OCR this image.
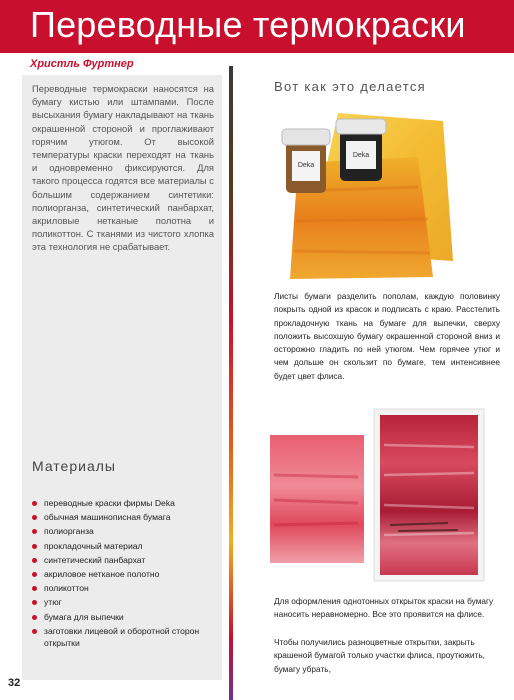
Переводные термокраски
Христль Фуртнер

Переводные термокраски наносятся на бумагу кистью или штампами. После высыхания бумагу накладывают на ткань окрашенной стороной и проглаживают горячим утюгом. От высокой температуры краски переходят на ткань и одновременно фиксируются. Для такого процесса годятся все материалы с большим содержанием синтетики: полиорганза, синтетический панбархат, акриловые нетканые полотна и поликоттон. С тканями из чистого хлопка эта технология не срабатывает.

Материалы
переводные краски фирмы Deka
обычная машинописная бумага
полиорганза
прокладочный материал
синтетический панбархат
акриловое нетканое полотно
поликоттон
утюг
бумага для выпечки
заготовки лицевой и оборотной сторон открытки
Вот как это делается
Deka
Deka

Листы бумаги разделить пополам, каждую половинку покрыть одной из красок и подписать с краю. Расстелить прокладочную ткань на бумаге для выпечки, сверху положить высохшую бумагу окрашенной стороной вниз и осторожно гладить по ней утюгом. Чем горячее утюг и чем дольше он скользит по бумаге, тем интенсивнее будет цвет флиса.

Для оформления однотонных открыток краски на бумагу наносить неравномерно. Все это проявится на флисе.

Чтобы получились разноцветные открытки, закрыть крашеной бумагой только участки флиса, проутюжить, бумагу убрать,

32
